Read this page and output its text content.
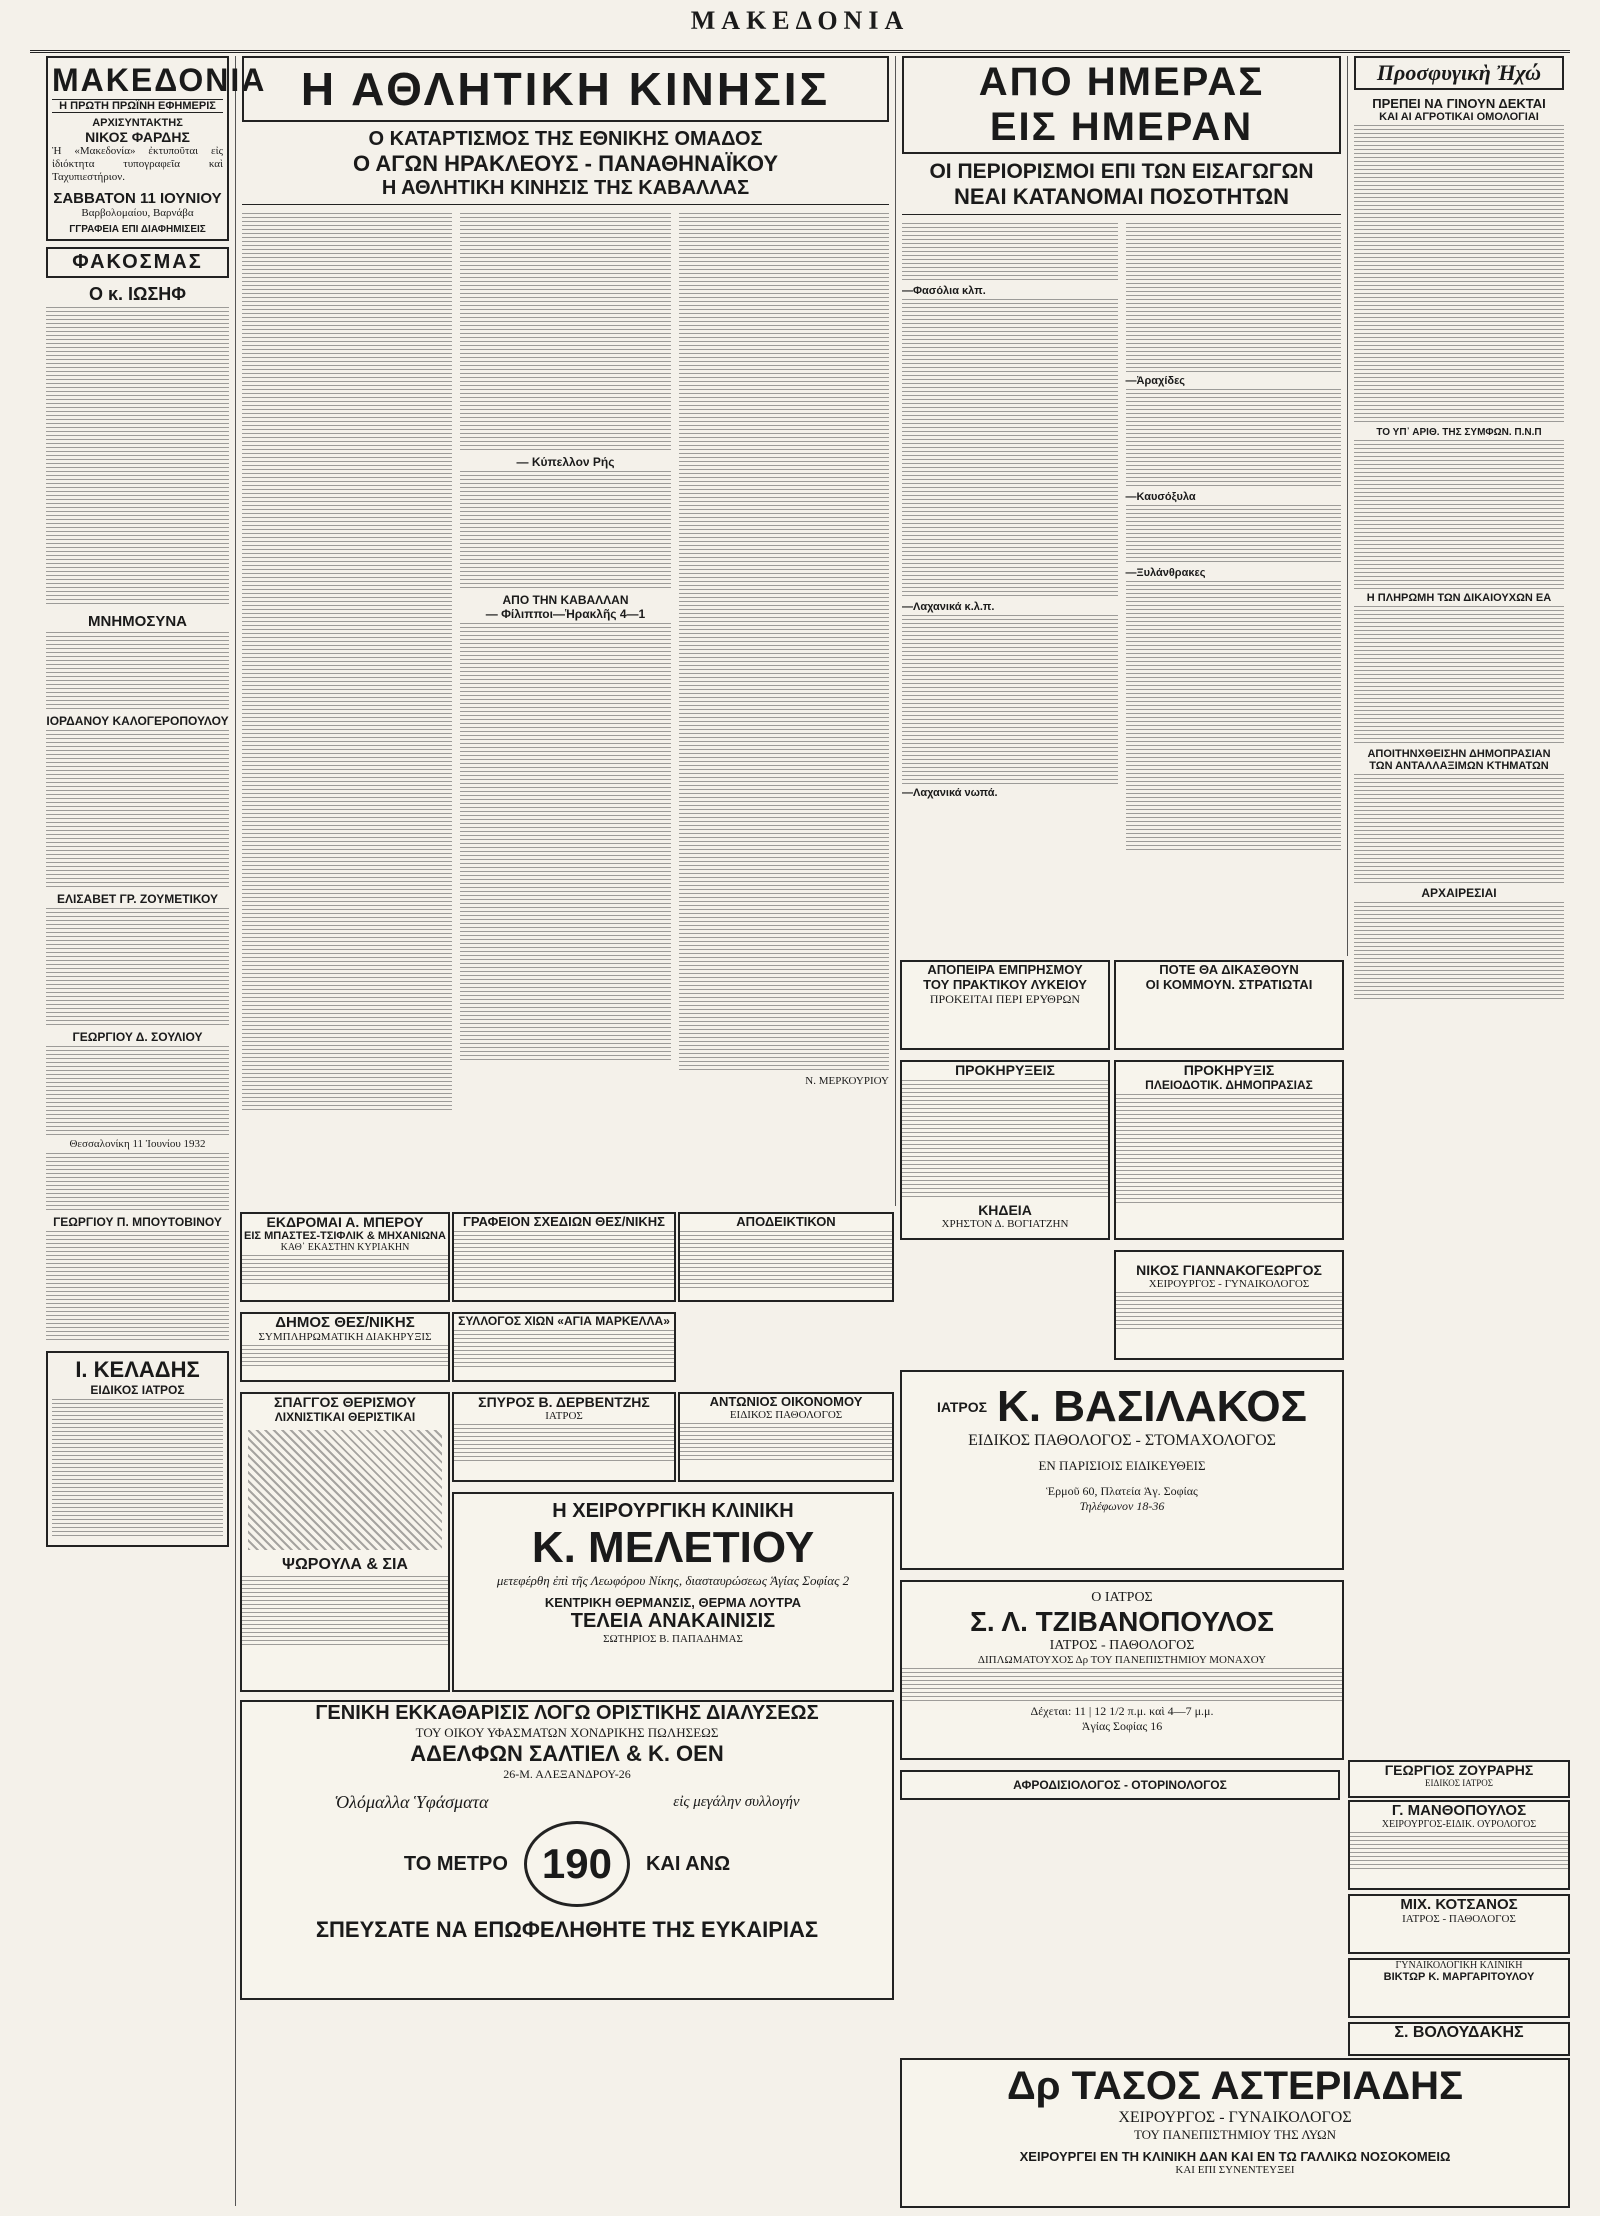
ΜΑΚΕΔΟΝΙΑ
ΜΑΚΕΔΟΝΙΑ
Η ΠΡΩΤΗ ΠΡΩΪΝΗ ΕΦΗΜΕΡΙΣ
ΑΡΧΙΣΥΝΤΑΚΤΗΣ
ΝΙΚΟΣ ΦΑΡΔΗΣ
Ἡ «Μακεδονία» ἐκτυποῦται εἰς ἰδιόκτητα τυπογραφεῖα καὶ Ταχυπιεστήριον.
ΣΑΒΒΑΤΟΝ 11 ΙΟΥΝΙΟΥ
Βαρβολομαίου, Βαρνάβα
ΓΓΡΑΦΕΙΑ ΕΠΙ ΔΙΑΦΗΜΙΣΕΙΣ
ΦΑΚΟΣΜΑΣ
Ο κ. ΙΩΣΗΦ
ΜΝΗΜΟΣΥΝΑ
ΙΟΡΔΑΝΟΥ ΚΑΛΟΓΕΡΟΠΟΥΛΟΥ
ΕΛΙΣΑΒΕΤ ΓΡ. ΖΟΥΜΕΤΙΚΟΥ
ΓΕΩΡΓΙΟΥ Δ. ΣΟΥΛΙΟΥ
Θεσσαλονίκη 11 Ἰουνίου 1932
ΓΕΩΡΓΙΟΥ Π. ΜΠΟΥΤΟΒΙΝΟΥ
Ι. ΚΕΛΑΔΗΣ
ΕΙΔΙΚΟΣ ΙΑΤΡΟΣ
Η ΑΘΛΗΤΙΚΗ ΚΙΝΗΣΙΣ
Ο ΚΑΤΑΡΤΙΣΜΟΣ ΤΗΣ ΕΘΝΙΚΗΣ ΟΜΑΔΟΣ
Ο ΑΓΩΝ ΗΡΑΚΛΕΟΥΣ - ΠΑΝΑΘΗΝΑΪΚΟΥ
Η ΑΘΛΗΤΙΚΗ ΚΙΝΗΣΙΣ ΤΗΣ ΚΑΒΑΛΛΑΣ
— Κύπελλον Ρής
ΑΠΟ ΤΗΝ ΚΑΒΑΛΛΑΝ
— Φίλιπποι—Ἡρακλῆς 4—1
Ν. ΜΕΡΚΟΥΡΙΟΥ
ΑΠΟ ΗΜΕΡΑΣ
ΕΙΣ ΗΜΕΡΑΝ
ΟΙ ΠΕΡΙΟΡΙΣΜΟΙ ΕΠΙ ΤΩΝ ΕΙΣΑΓΩΓΩΝ
ΝΕΑΙ ΚΑΤΑΝΟΜΑΙ ΠΟΣΟΤΗΤΩΝ
—Φασόλια κλπ.
—Λαχανικά κ.λ.π.
—Λαχανικά νωπά.
—Ἀραχίδες
—Καυσόξυλα
—Ξυλάνθρακες
Προσφυγικὴ Ἠχώ
ΠΡΕΠΕΙ ΝΑ ΓΙΝΟΥΝ ΔΕΚΤΑΙ
ΚΑΙ ΑΙ ΑΓΡΟΤΙΚΑΙ ΟΜΟΛΟΓΙΑΙ
ΤΟ ΥΠ᾽ ΑΡΙΘ. ΤΗΣ ΣΥΜΦΩΝ. Π.Ν.Π
Η ΠΛΗΡΩΜΗ ΤΩΝ ΔΙΚΑΙΟΥΧΩΝ ΕΑ
ΑΠΟΙΤΗΝΧΘΕΙΣΗΝ ΔΗΜΟΠΡΑΣΙΑΝ
ΤΩΝ ΑΝΤΑΛΛΑΞΙΜΩΝ ΚΤΗΜΑΤΩΝ
ΑΡΧΑΙΡΕΣΙΑΙ
ΕΚΔΡΟΜΑΙ Α. ΜΠΕΡΟΥ
ΕΙΣ ΜΠΑΣΤΕΣ-ΤΣΙΦΛΙΚ & ΜΗΧΑΝΙΩΝΑ
ΚΑΘ᾽ ΕΚΑΣΤΗΝ ΚΥΡΙΑΚΗΝ
ΓΡΑΦΕΙΟΝ ΣΧΕΔΙΩΝ ΘΕΣ/ΝΙΚΗΣ	ΑΠΟΔΕΙΚΤΙΚΟΝ
ΔΗΜΟΣ ΘΕΣ/ΝΙΚΗΣ
ΣΥΜΠΛΗΡΩΜΑΤΙΚΗ ΔΙΑΚΗΡΥΞΙΣ
ΣΥΛΛΟΓΟΣ ΧΙΩΝ «ΑΓΙΑ ΜΑΡΚΕΛΛΑ»
ΣΠΑΓΓΟΣ ΘΕΡΙΣΜΟΥ
ΛΙΧΝΙΣΤΙΚΑΙ ΘΕΡΙΣΤΙΚΑΙ
ΨΩΡΟΥΛΑ & ΣΙΑ
ΣΠΥΡΟΣ Β. ΔΕΡΒΕΝΤΖΗΣ
ΙΑΤΡΟΣ
ΑΝΤΩΝΙΟΣ ΟΙΚΟΝΟΜΟΥ
ΕΙΔΙΚΟΣ ΠΑΘΟΛΟΓΟΣ
Η ΧΕΙΡΟΥΡΓΙΚΗ ΚΛΙΝΙΚΗ
Κ. ΜΕΛΕΤΙΟΥ
μετεφέρθη ἐπὶ τῆς Λεωφόρου Νίκης, διασταυρώσεως Ἁγίας Σοφίας 2
ΚΕΝΤΡΙΚΗ ΘΕΡΜΑΝΣΙΣ, ΘΕΡΜΑ ΛΟΥΤΡΑ
ΤΕΛΕΙΑ ΑΝΑΚΑΙΝΙΣΙΣ
ΣΩΤΗΡΙΟΣ Β. ΠΑΠΑΔΗΜΑΣ
ΓΕΝΙΚΗ ΕΚΚΑΘΑΡΙΣΙΣ ΛΟΓΩ ΟΡΙΣΤΙΚΗΣ ΔΙΑΛΥΣΕΩΣ
ΤΟΥ ΟΙΚΟΥ ΥΦΑΣΜΑΤΩΝ ΧΟΝΔΡΙΚΗΣ ΠΩΛΗΣΕΩΣ
ΑΔΕΛΦΩΝ ΣΑΛΤΙΕΛ & Κ. ΟΕΝ
26-Μ. ΑΛΕΞΑΝΔΡΟΥ-26
Ὁλόμαλλα Ὑφάσματα	εἰς μεγάλην συλλογήν
ΤΟ ΜΕΤΡΟ 190	ΚΑΙ ΑΝΩ
ΣΠΕΥΣΑΤΕ ΝΑ ΕΠΩΦΕΛΗΘΗΤΕ ΤΗΣ ΕΥΚΑΙΡΙΑΣ
ΑΠΟΠΕΙΡΑ ΕΜΠΡΗΣΜΟΥ
ΤΟΥ ΠΡΑΚΤΙΚΟΥ ΛΥΚΕΙΟΥ
ΠΡΟΚΕΙΤΑΙ ΠΕΡΙ ΕΡΥΘΡΩΝ
ΠΟΤΕ ΘΑ ΔΙΚΑΣΘΟΥΝ
ΟΙ ΚΟΜΜΟΥΝ. ΣΤΡΑΤΙΩΤΑΙ
ΠΡΟΚΗΡΥΞΕΙΣ
ΚΗΔΕΙΑ
ΧΡΗΣΤΟΝ Δ. ΒΟΓΙΑΤΖΗΝ
ΠΡΟΚΗΡΥΞΙΣ
ΠΛΕΙΟΔΟΤΙΚ. ΔΗΜΟΠΡΑΣΙΑΣ
ΝΙΚΟΣ ΓΙΑΝΝΑΚΟΓΕΩΡΓΟΣ
ΧΕΙΡΟΥΡΓΟΣ - ΓΥΝΑΙΚΟΛΟΓΟΣ
ΙΑΤΡΟΣ Κ. ΒΑΣΙΛΑΚΟΣ
ΕΙΔΙΚΟΣ ΠΑΘΟΛΟΓΟΣ - ΣΤΟΜΑΧΟΛΟΓΟΣ
ΕΝ ΠΑΡΙΣΙΟΙΣ ΕΙΔΙΚΕΥΘΕΙΣ
Ἑρμοῦ 60, Πλατεία Ἁγ. Σοφίας
Τηλέφωνον 18-36
Ο ΙΑΤΡΟΣ
Σ. Λ. ΤΖΙΒΑΝΟΠΟΥΛΟΣ
ΙΑΤΡΟΣ - ΠΑΘΟΛΟΓΟΣ
ΔΙΠΛΩΜΑΤΟΥΧΟΣ Δρ ΤΟΥ ΠΑΝΕΠΙΣΤΗΜΙΟΥ ΜΟΝΑΧΟΥ
Δέχεται: 11 | 12 1/2 π.μ. καὶ 4—7 μ.μ.
Ἁγίας Σοφίας 16
Γ. ΜΑΝΘΟΠΟΥΛΟΣ
ΧΕΙΡΟΥΡΓΟΣ-ΕΙΔΙΚ. ΟΥΡΟΛΟΓΟΣ
ΜΙΧ. ΚΟΤΣΑΝΟΣ
ΙΑΤΡΟΣ - ΠΑΘΟΛΟΓΟΣ
ΓΥΝΑΙΚΟΛΟΓΙΚΗ ΚΛΙΝΙΚΗ
ΒΙΚΤΩΡ Κ. ΜΑΡΓΑΡΙΤΟΥΛΟΥ
Σ. ΒΟΛΟΥΔΑΚΗΣ
ΓΕΩΡΓΙΟΣ ΖΟΥΡΑΡΗΣ
ΕΙΔΙΚΟΣ ΙΑΤΡΟΣ
ΑΦΡΟΔΙΣΙΟΛΟΓΟΣ - ΟΤΟΡΙΝΟΛΟΓΟΣ
Δρ ΤΑΣΟΣ ΑΣΤΕΡΙΑΔΗΣ
ΧΕΙΡΟΥΡΓΟΣ - ΓΥΝΑΙΚΟΛΟΓΟΣ
ΤΟΥ ΠΑΝΕΠΙΣΤΗΜΙΟΥ ΤΗΣ ΛΥΩΝ
ΧΕΙΡΟΥΡΓΕΙ ΕΝ ΤΗ ΚΛΙΝΙΚΗ ΔΑΝ ΚΑΙ ΕΝ ΤΩ ΓΑΛΛΙΚΩ ΝΟΣΟΚΟΜΕΙΩ
ΚΑΙ ΕΠΙ ΣΥΝΕΝΤΕΥΞΕΙ
